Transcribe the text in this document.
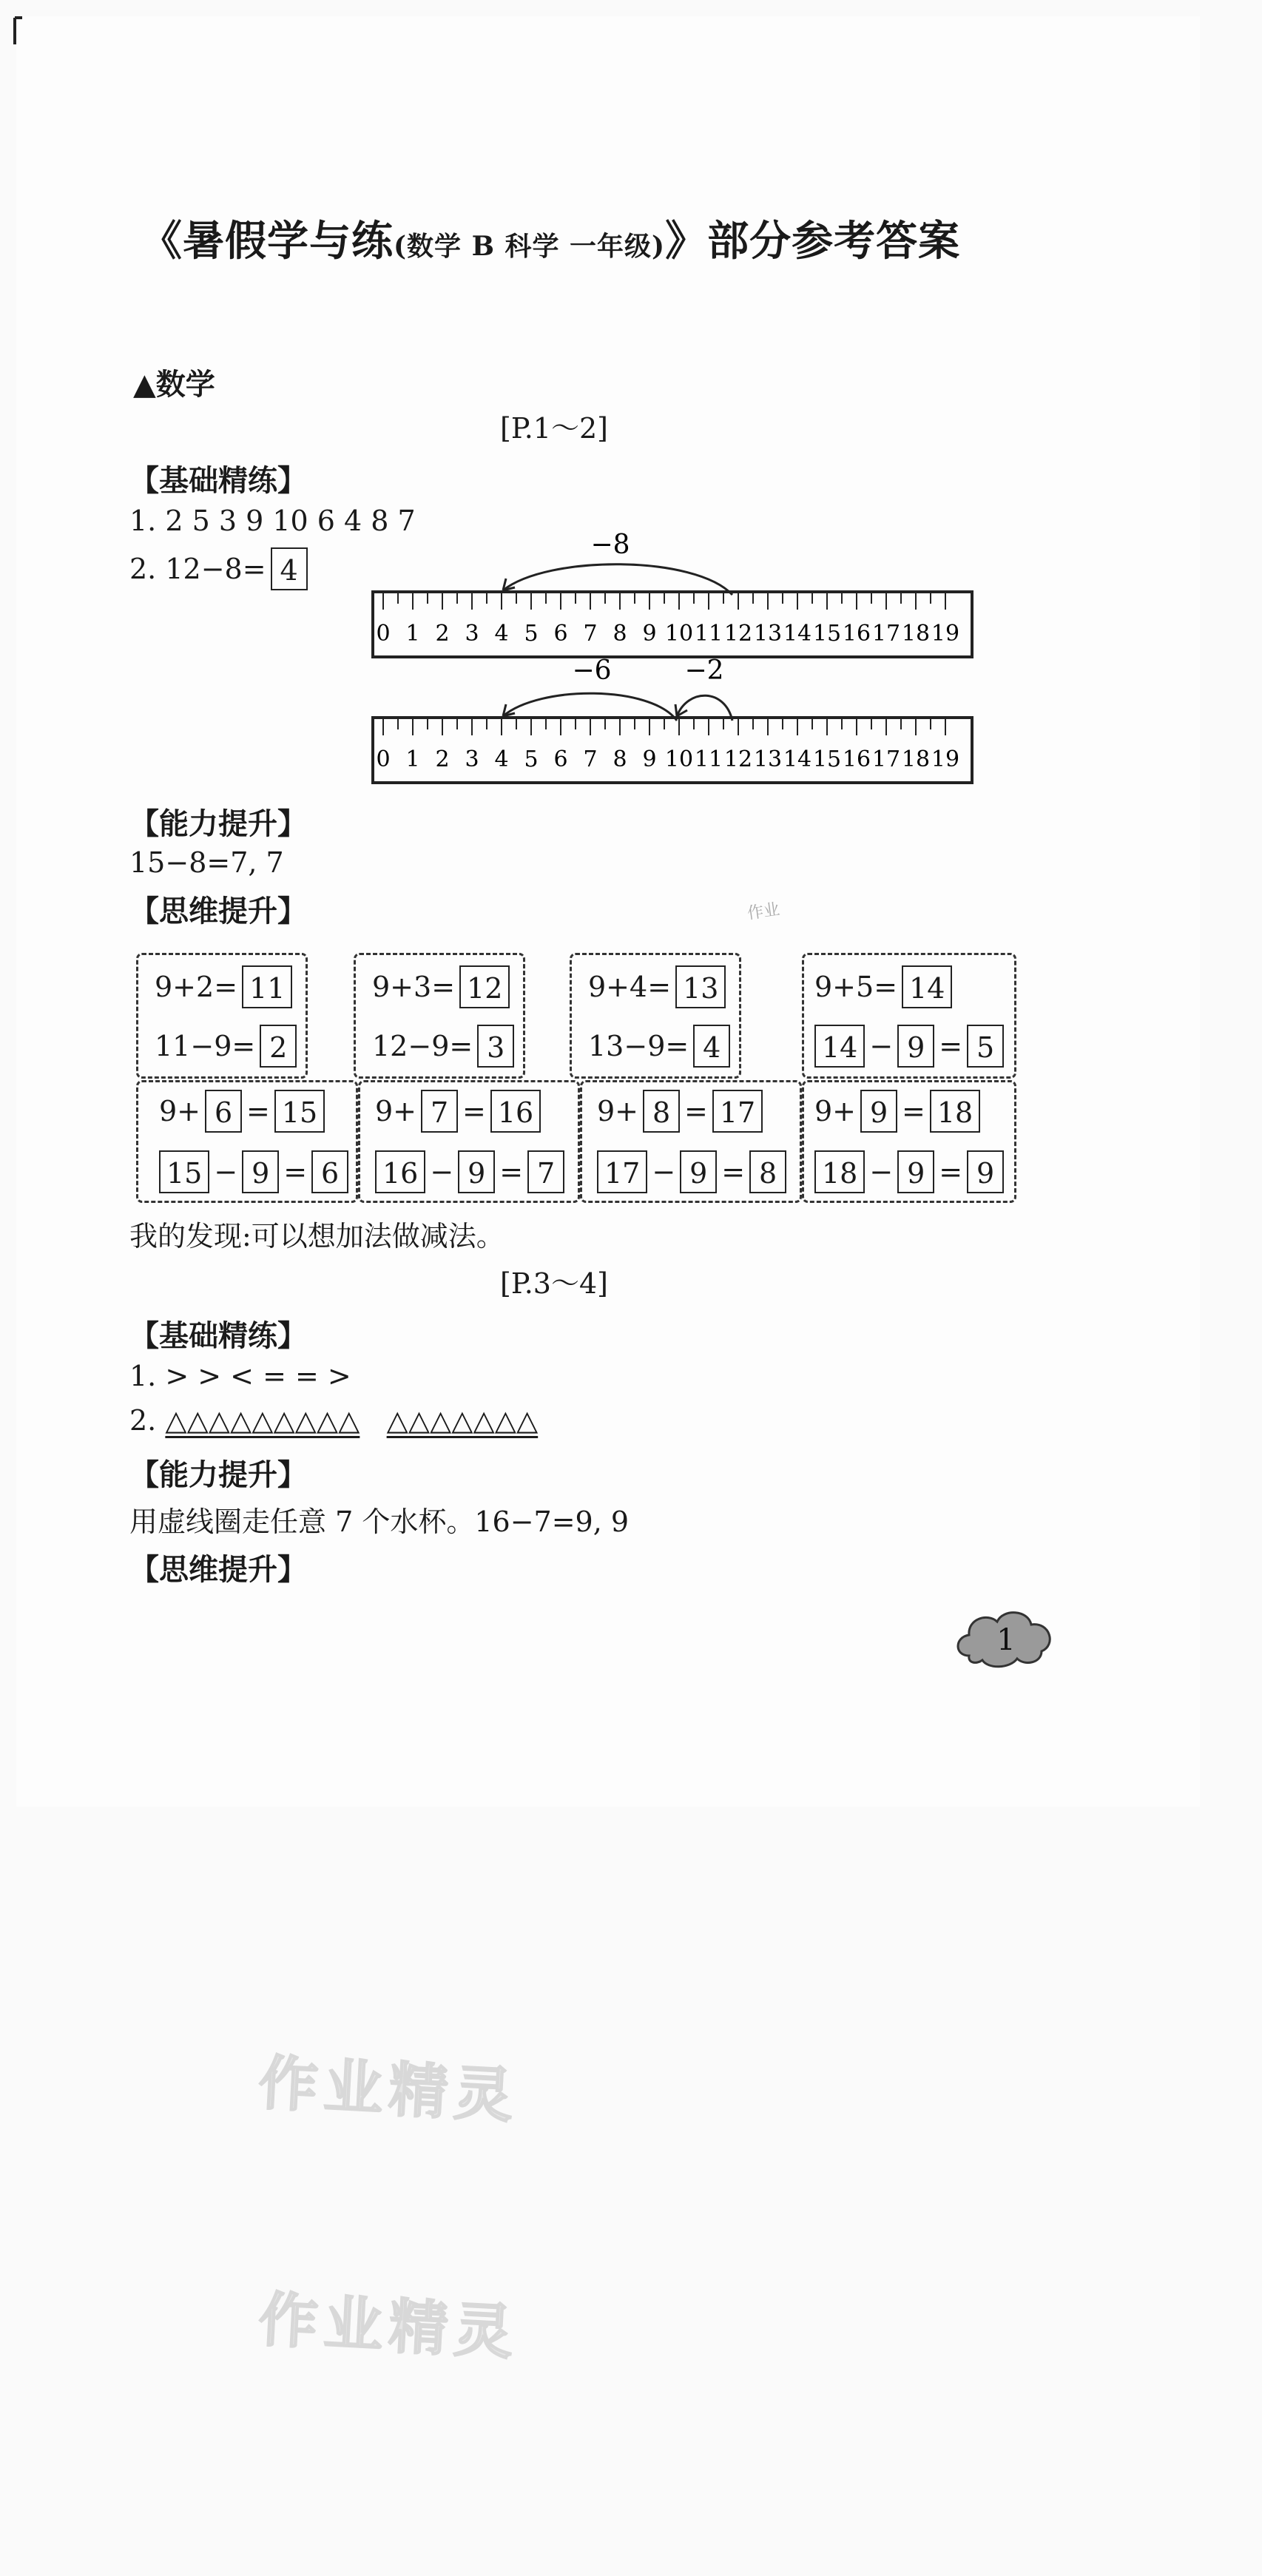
《暑假学与练(数学 B 科学 一年级)》部分参考答案
▲数学
[P.1～2]
【基础精练】
1. 2 5 3 9 10 6 4 8 7
2. 12−8= 4
−8
0 1 2 3 4 5 6 7 8 9 10 11 12 13 14 15 16 17 18 19
−6	−2
0 1 2 3 4 5 6 7 8 9 10 11 12 13 14 15 16 17 18 19
【能力提升】
15−8=7, 7
【思维提升】	作业
9+2= 11
11−9= 2
9+3= 12
12−9= 3
9+4= 13
13−9= 4
9+5= 14
14 − 9 = 5
9+ 6 = 15
15 − 9 = 6
9+ 7 = 16
16 − 9 = 7
9+ 8 = 17
17 − 9 = 8
9+ 9 = 18
18 − 9 = 9
我的发现:可以想加法做减法。
[P.3～4]
【基础精练】
1. > > < = = >
2. △△△△△△△△△ △△△△△△△
【能力提升】
用虚线圈走任意 7 个水杯。16−7=9, 9
【思维提升】
1
作业精灵
作业精灵
